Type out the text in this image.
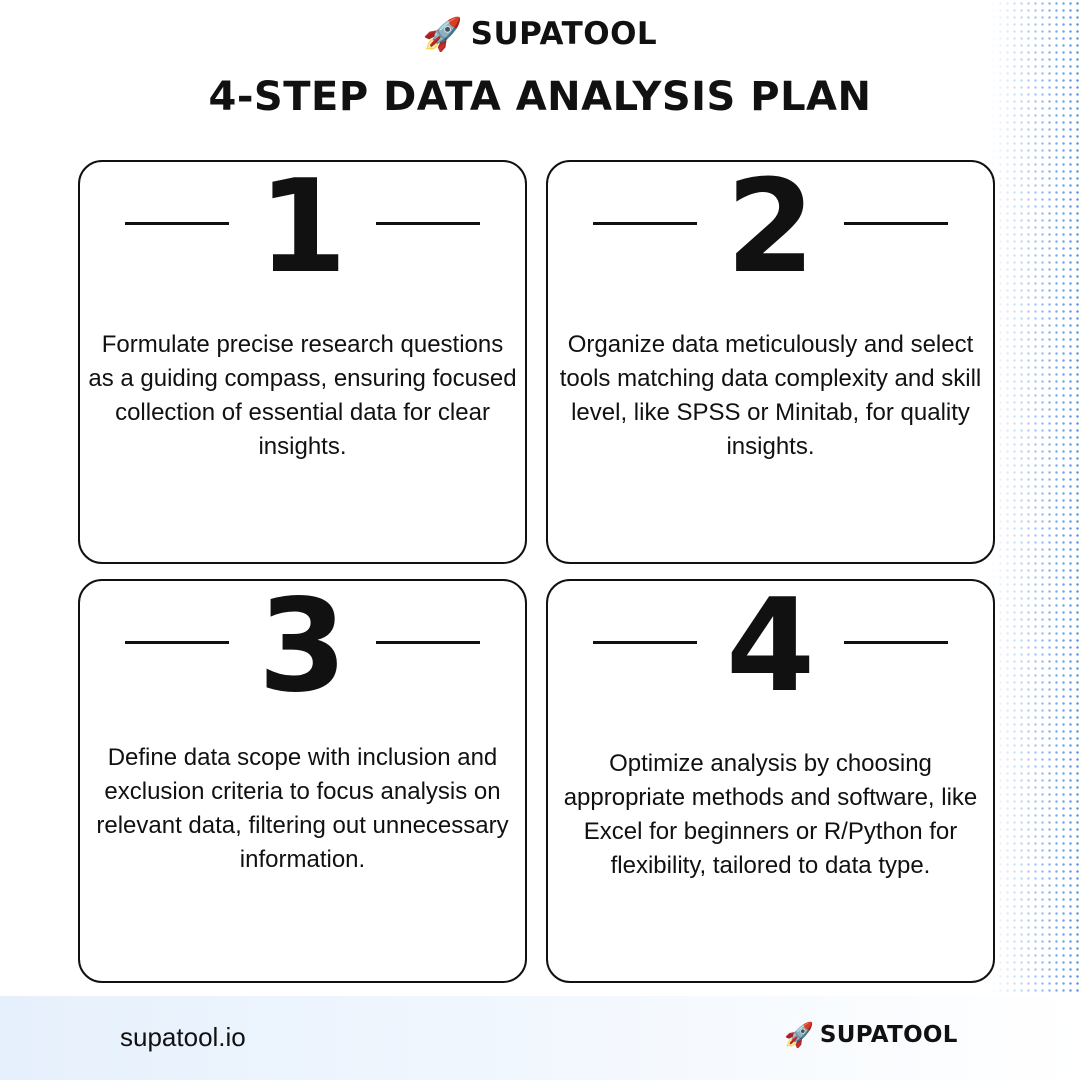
🚀 SUPATOOL
4-STEP DATA ANALYSIS PLAN
1
Formulate precise research questions as a guiding compass, ensuring focused collection of essential data for clear insights.
2
Organize data meticulously and select tools matching data complexity and skill level, like SPSS or Minitab, for quality insights.
3
Define data scope with inclusion and exclusion criteria to focus analysis on relevant data, filtering out unnecessary information.
4
Optimize analysis by choosing appropriate methods and software, like Excel for beginners or R/Python for flexibility, tailored to data type.
supatool.io	🚀 SUPATOOL
